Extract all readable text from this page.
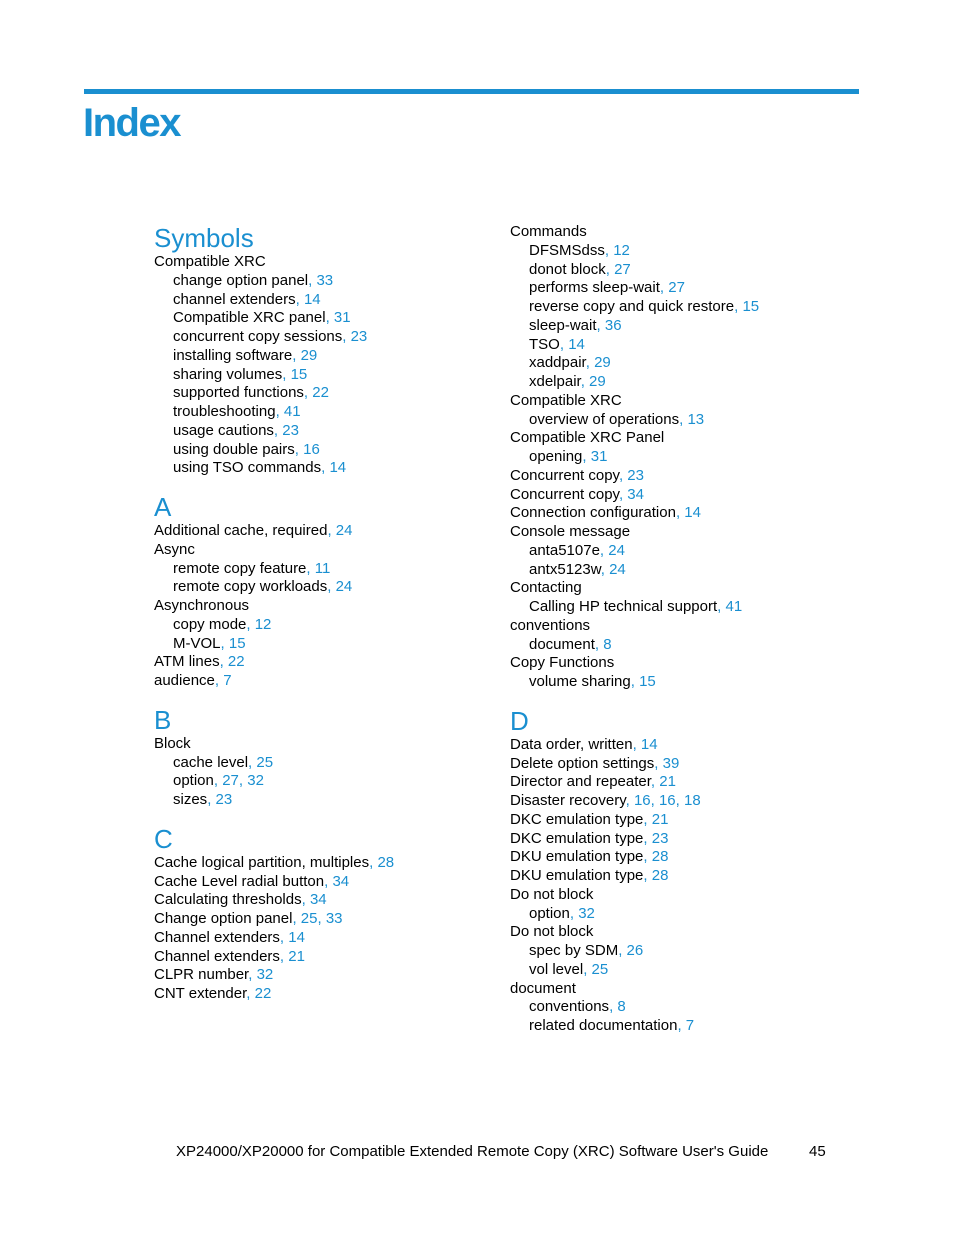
Index
Symbols
Compatible XRC
change option panel, 33
channel extenders, 14
Compatible XRC panel, 31
concurrent copy sessions, 23
installing software, 29
sharing volumes, 15
supported functions, 22
troubleshooting, 41
usage cautions, 23
using double pairs, 16
using TSO commands, 14
A
Additional cache, required, 24
Async
remote copy feature, 11
remote copy workloads, 24
Asynchronous
copy mode, 12
M-VOL, 15
ATM lines, 22
audience, 7
B
Block
cache level, 25
option, 27, 32
sizes, 23
C
Cache logical partition, multiples, 28
Cache Level radial button, 34
Calculating thresholds, 34
Change option panel, 25, 33
Channel extenders, 14
Channel extenders, 21
CLPR number, 32
CNT extender, 22
Commands
DFSMSdss, 12
donot block, 27
performs sleep-wait, 27
reverse copy and quick restore, 15
sleep-wait, 36
TSO, 14
xaddpair, 29
xdelpair, 29
Compatible XRC
overview of operations, 13
Compatible XRC Panel
opening, 31
Concurrent copy, 23
Concurrent copy, 34
Connection configuration, 14
Console message
anta5107e, 24
antx5123w, 24
Contacting
Calling HP technical support, 41
conventions
document, 8
Copy Functions
volume sharing, 15
D
Data order, written, 14
Delete option settings, 39
Director and repeater, 21
Disaster recovery, 16, 16, 18
DKC emulation type, 21
DKC emulation type, 23
DKU emulation type, 28
DKU emulation type, 28
Do not block
option, 32
Do not block
spec by SDM, 26
vol level, 25
document
conventions, 8
related documentation, 7
XP24000/XP20000 for Compatible Extended Remote Copy (XRC) Software User's Guide	45
